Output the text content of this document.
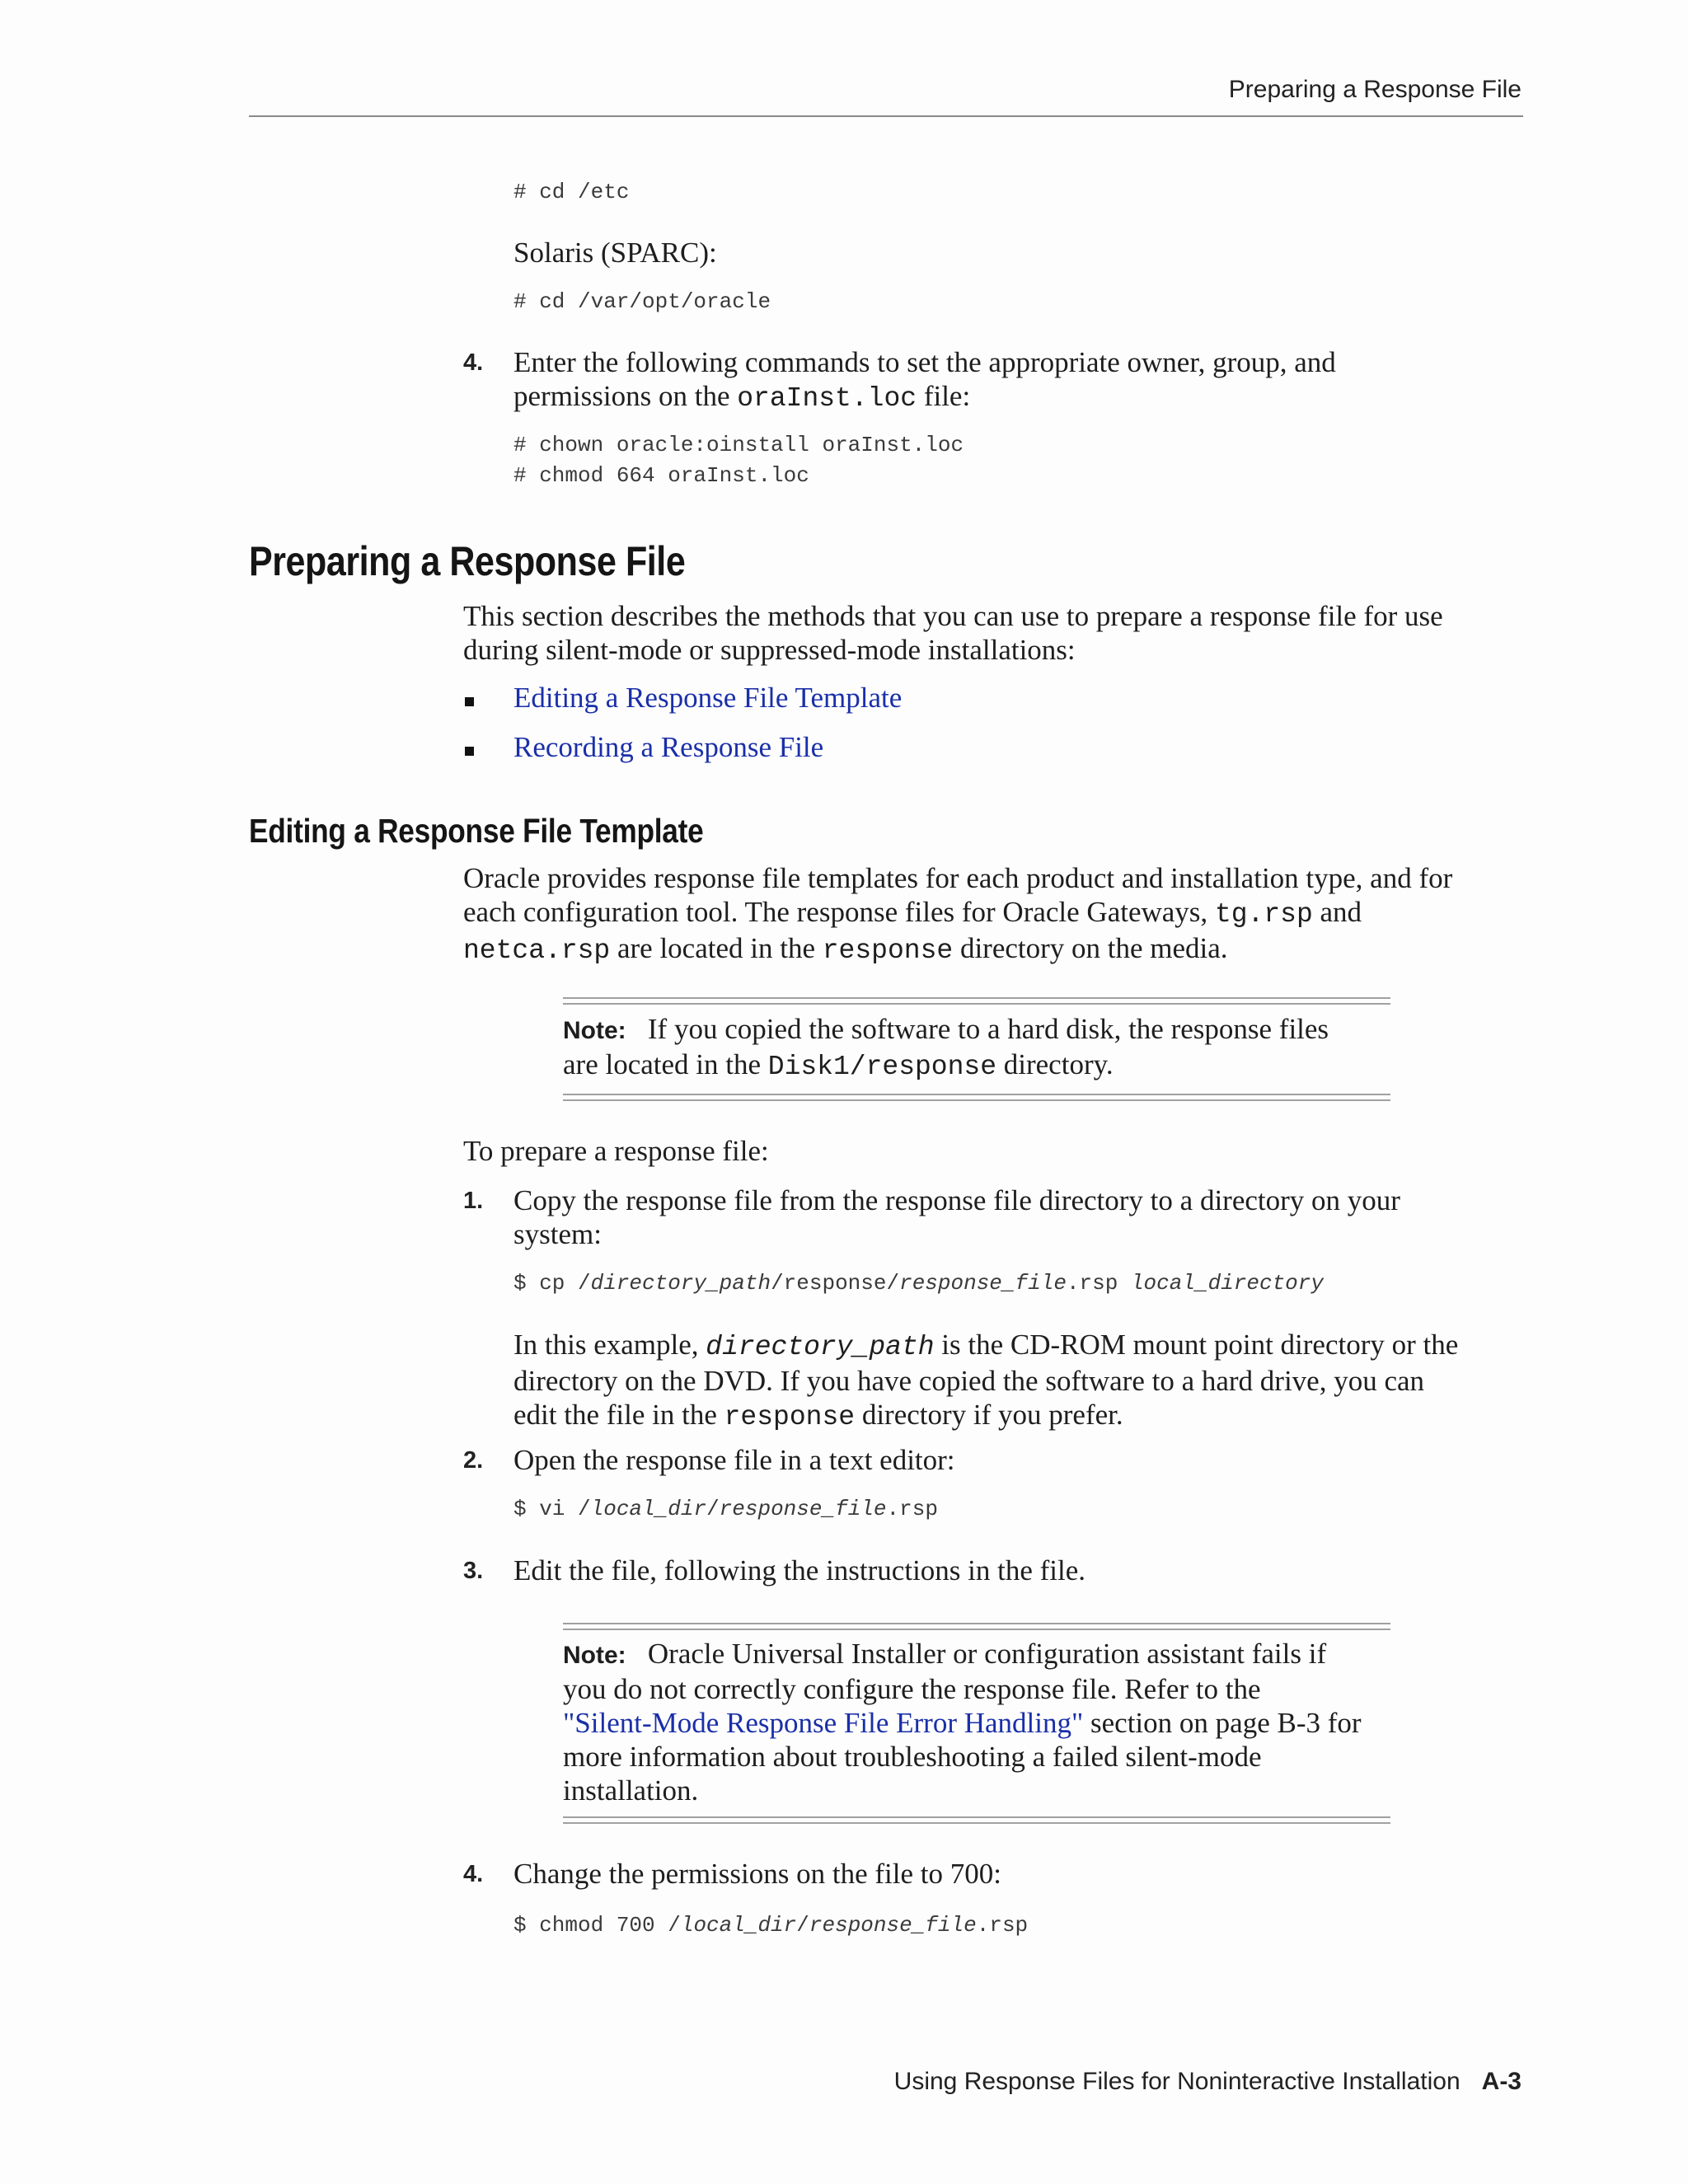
Preparing a Response File
# cd /etc
Solaris (SPARC):
# cd /var/opt/oracle
4. Enter the following commands to set the appropriate owner, group, and
permissions on the oraInst.loc file:
# chown oracle:oinstall oraInst.loc
# chmod 664 oraInst.loc
Preparing a Response File
This section describes the methods that you can use to prepare a response file for use
during silent-mode or suppressed-mode installations:
Editing a Response File Template
Recording a Response File
Editing a Response File Template
Oracle provides response file templates for each product and installation type, and for
each configuration tool. The response files for Oracle Gateways, tg.rsp and
netca.rsp are located in the response directory on the media.
Note: If you copied the software to a hard disk, the response files
are located in the Disk1/response directory.
To prepare a response file:
1. Copy the response file from the response file directory to a directory on your
system:
$ cp /directory_path/response/response_file.rsp local_directory
In this example, directory_path is the CD-ROM mount point directory or the
directory on the DVD. If you have copied the software to a hard drive, you can
edit the file in the response directory if you prefer.
2. Open the response file in a text editor:
$ vi /local_dir/response_file.rsp
3. Edit the file, following the instructions in the file.
Note: Oracle Universal Installer or configuration assistant fails if
you do not correctly configure the response file. Refer to the
"Silent-Mode Response File Error Handling" section on page B-3 for
more information about troubleshooting a failed silent-mode
installation.
4. Change the permissions on the file to 700:
$ chmod 700 /local_dir/response_file.rsp
Using Response Files for Noninteractive Installation A-3
